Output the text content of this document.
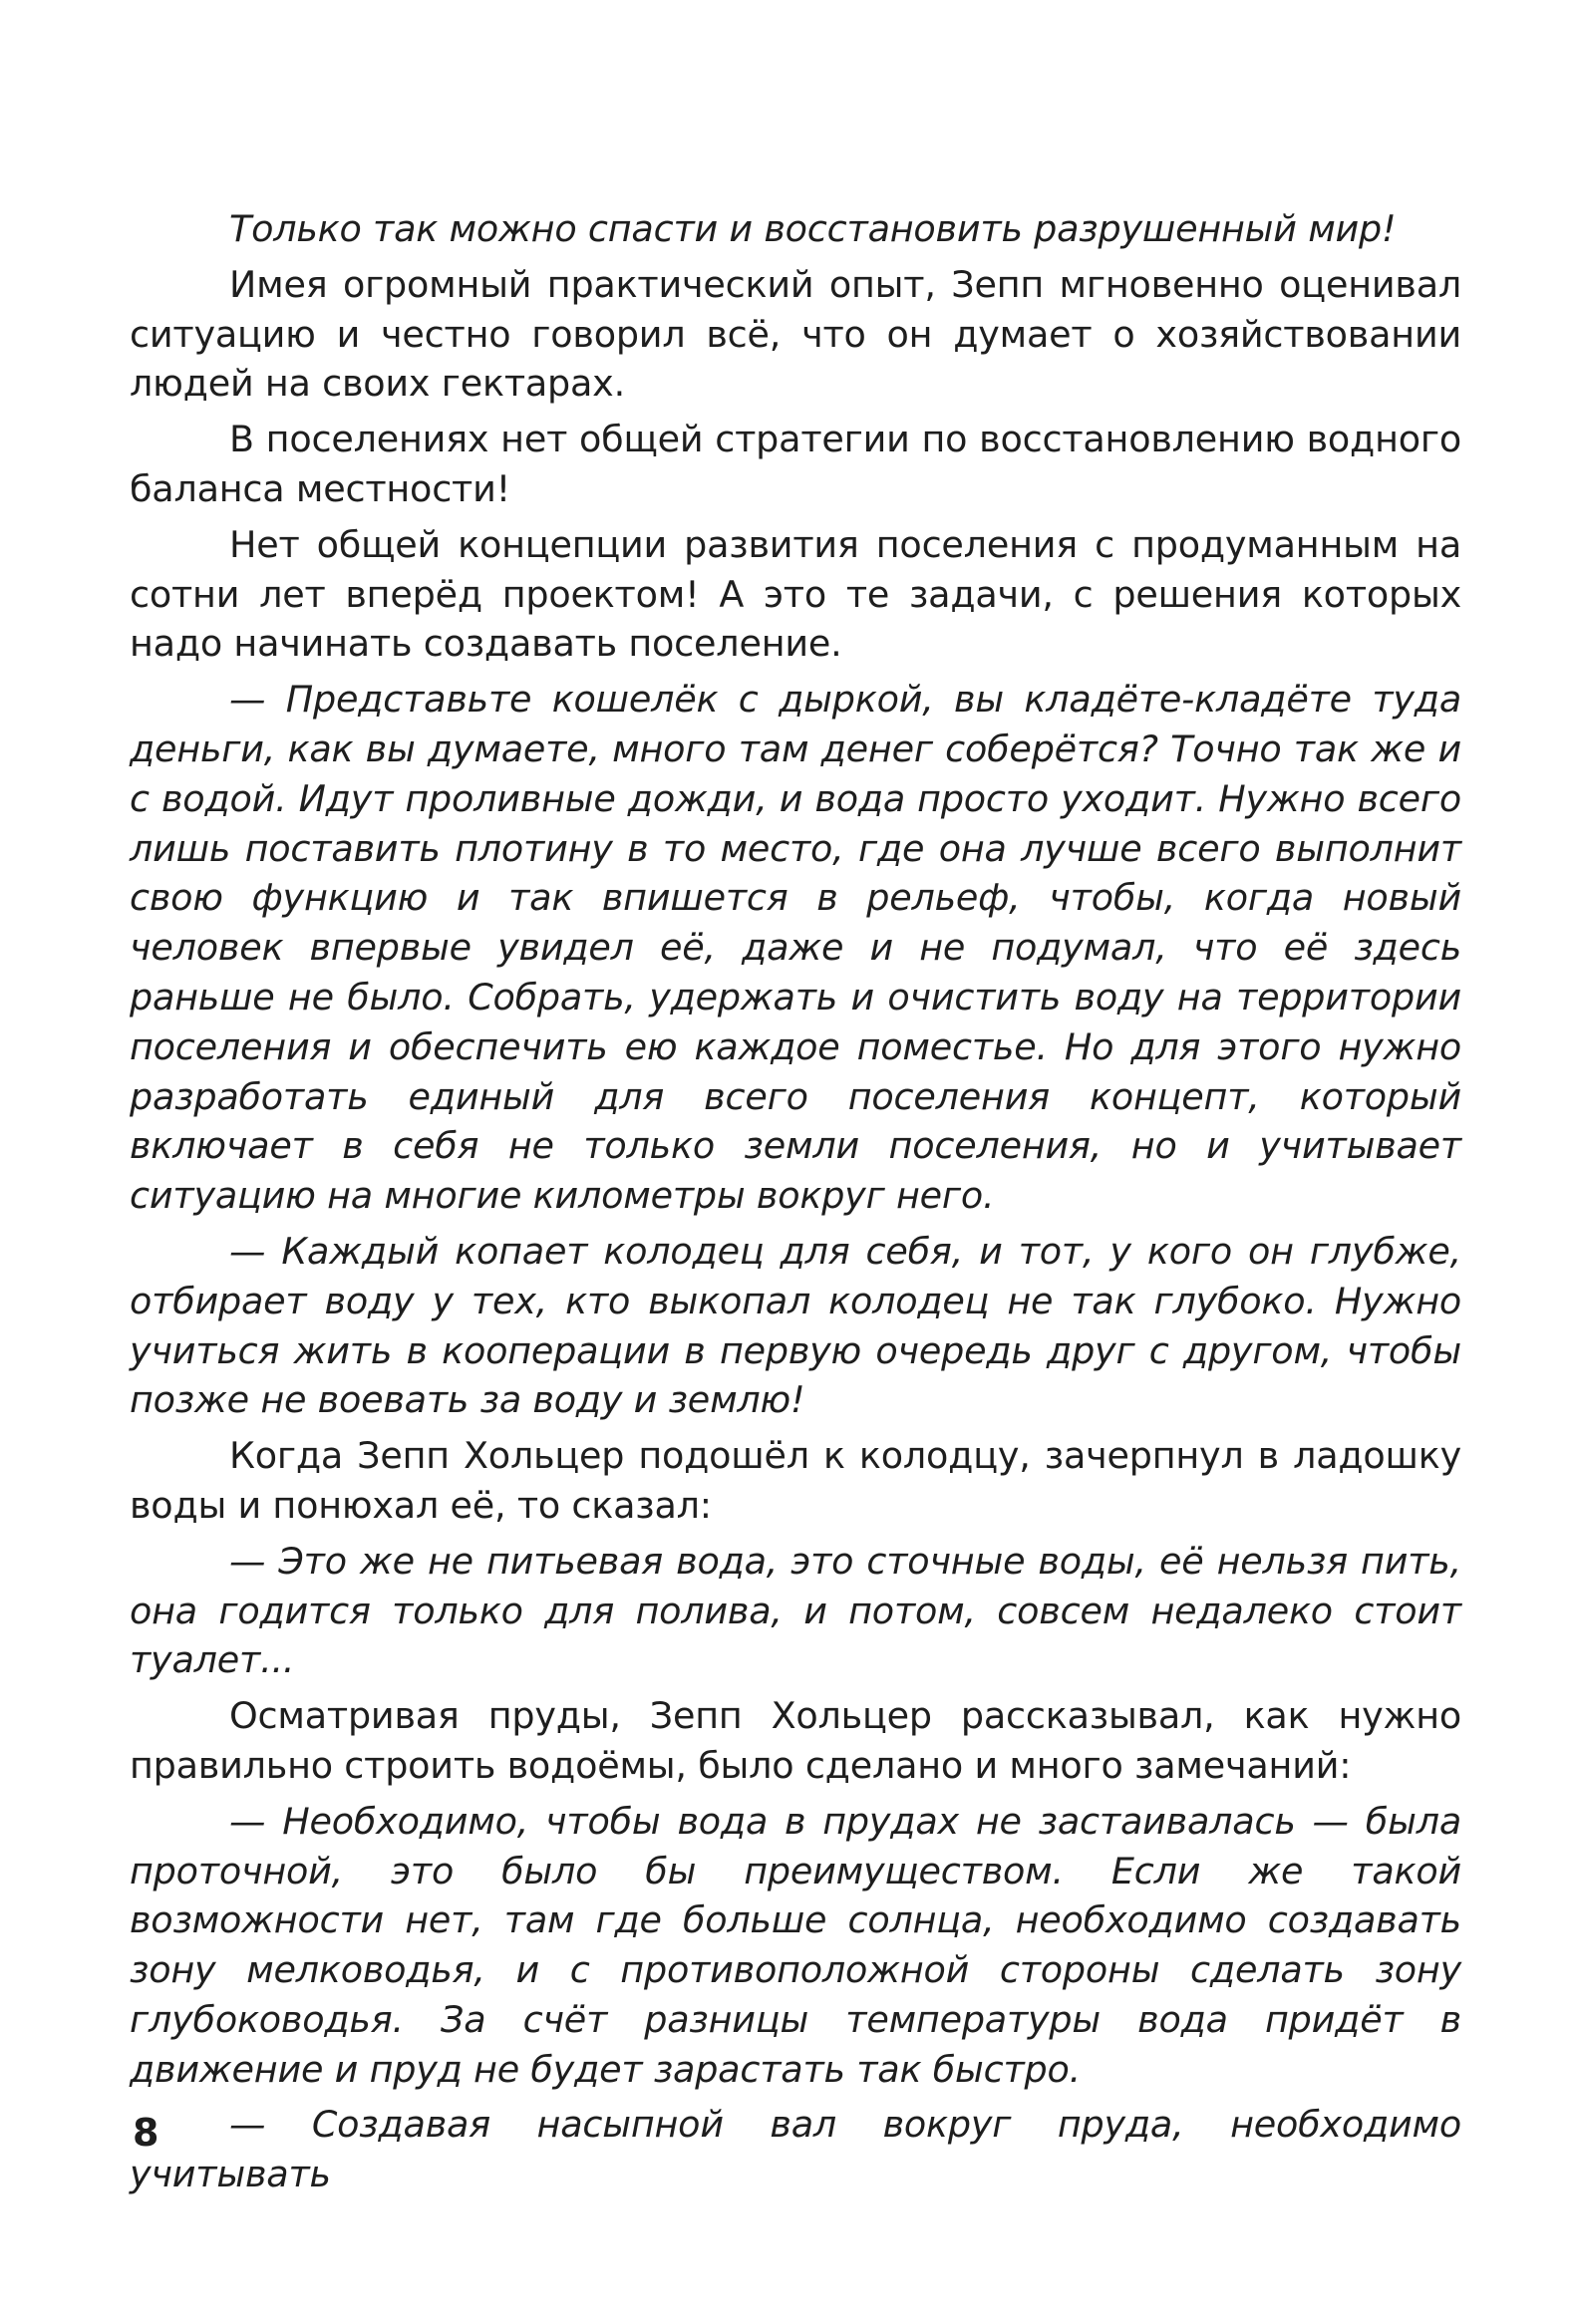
Только так можно спасти и восстановить разрушенный мир!

Имея огромный практический опыт, Зепп мгновенно оценивал ситуацию и честно говорил всё, что он думает о хозяйствовании людей на своих гектарах.

В поселениях нет общей стратегии по восстановлению водного баланса местности!

Нет общей концепции развития поселения с продуманным на сотни лет вперёд проектом! А это те задачи, с решения которых надо начинать создавать поселение.

— Представьте кошелёк с дыркой, вы кладёте-кладёте туда деньги, как вы думаете, много там денег соберётся? Точно так же и с водой. Идут проливные дожди, и вода просто уходит. Нужно всего лишь поставить плотину в то место, где она лучше всего выполнит свою функцию и так впишется в рельеф, чтобы, когда новый человек впервые увидел её, даже и не подумал, что её здесь раньше не было. Собрать, удержать и очистить воду на территории поселения и обеспечить ею каждое поместье. Но для этого нужно разработать единый для всего поселения концепт, который включает в себя не только земли поселения, но и учитывает ситуацию на многие километры вокруг него.

— Каждый копает колодец для себя, и тот, у кого он глубже, отбирает воду у тех, кто выкопал колодец не так глубоко. Нужно учиться жить в кооперации в первую очередь друг с другом, чтобы позже не воевать за воду и землю!

Когда Зепп Хольцер подошёл к колодцу, зачерпнул в ладошку воды и понюхал её, то сказал:

— Это же не питьевая вода, это сточные воды, её нельзя пить, она годится только для полива, и потом, совсем недалеко стоит туалет...

Осматривая пруды, Зепп Хольцер рассказывал, как нужно правильно строить водоёмы, было сделано и много замечаний:

— Необходимо, чтобы вода в прудах не застаивалась — была проточной, это было бы преимуществом. Если же такой возможности нет, там где больше солнца, необходимо создавать зону мелководья, и с противоположной стороны сделать зону глубоководья. За счёт разницы температуры вода придёт в движение и пруд не будет зарастать так быстро.

— Создавая насыпной вал вокруг пруда, необходимо учитывать

8
